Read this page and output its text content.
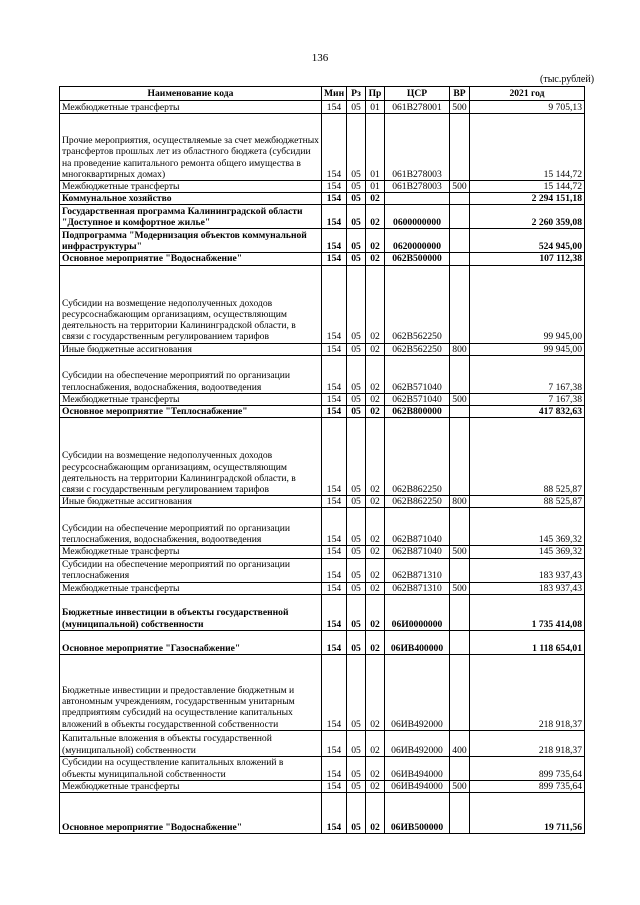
136
(тыс.рублей)
Наименование кода	Мин	Рз	Пр	ЦСР	ВР	2021 год
Межбюджетные трансферты	154	05	01	061В278001	500	9 705,13
Прочие мероприятия, осуществляемые за счет межбюджетных трансфертов прошлых лет из областного бюджета (субсидии на проведение капитального ремонта общего имущества в многоквартирных домах)	154	05	01	061В278003		15 144,72
Межбюджетные трансферты	154	05	01	061В278003	500	15 144,72
Коммунальное хозяйство	154	05	02			2 294 151,18
Государственная программа Калининградской области "Доступное и комфортное жилье"	154	05	02	0600000000		2 260 359,08
Подпрограмма "Модернизация объектов коммунальной инфраструктуры"	154	05	02	0620000000		524 945,00
Основное мероприятие "Водоснабжение"	154	05	02	062В500000		107 112,38
Субсидии на возмещение недополученных доходов ресурсоснабжающим организациям, осуществляющим деятельность на территории Калининградской области, в связи с государственным регулированием тарифов	154	05	02	062В562250		99 945,00
Иные бюджетные ассигнования	154	05	02	062В562250	800	99 945,00
Субсидии на обеспечение мероприятий по организации теплоснабжения, водоснабжения, водоотведения	154	05	02	062В571040		7 167,38
Межбюджетные трансферты	154	05	02	062В571040	500	7 167,38
Основное мероприятие "Теплоснабжение"	154	05	02	062В800000		417 832,63
Субсидии на возмещение недополученных доходов ресурсоснабжающим организациям, осуществляющим деятельность на территории Калининградской области, в связи с государственным регулированием тарифов	154	05	02	062В862250		88 525,87
Иные бюджетные ассигнования	154	05	02	062В862250	800	88 525,87
Субсидии на обеспечение мероприятий по организации теплоснабжения, водоснабжения, водоотведения	154	05	02	062В871040		145 369,32
Межбюджетные трансферты	154	05	02	062В871040	500	145 369,32
Субсидии на обеспечение мероприятий по организации теплоснабжения	154	05	02	062В871310		183 937,43
Межбюджетные трансферты	154	05	02	062В871310	500	183 937,43
Бюджетные инвестиции в объекты государственной (муниципальной) собственности	154	05	02	06И0000000		1 735 414,08
Основное мероприятие "Газоснабжение"	154	05	02	06ИВ400000		1 118 654,01
Бюджетные инвестиции и предоставление бюджетным и автономным учреждениям, государственным унитарным предприятиям субсидий на осуществление капитальных вложений в объекты государственной собственности	154	05	02	06ИВ492000		218 918,37
Капитальные вложения в объекты государственной (муниципальной) собственности	154	05	02	06ИВ492000	400	218 918,37
Субсидии на осуществление капитальных вложений в объекты муниципальной собственности	154	05	02	06ИВ494000		899 735,64
Межбюджетные трансферты	154	05	02	06ИВ494000	500	899 735,64
Основное мероприятие "Водоснабжение"	154	05	02	06ИВ500000		19 711,56
